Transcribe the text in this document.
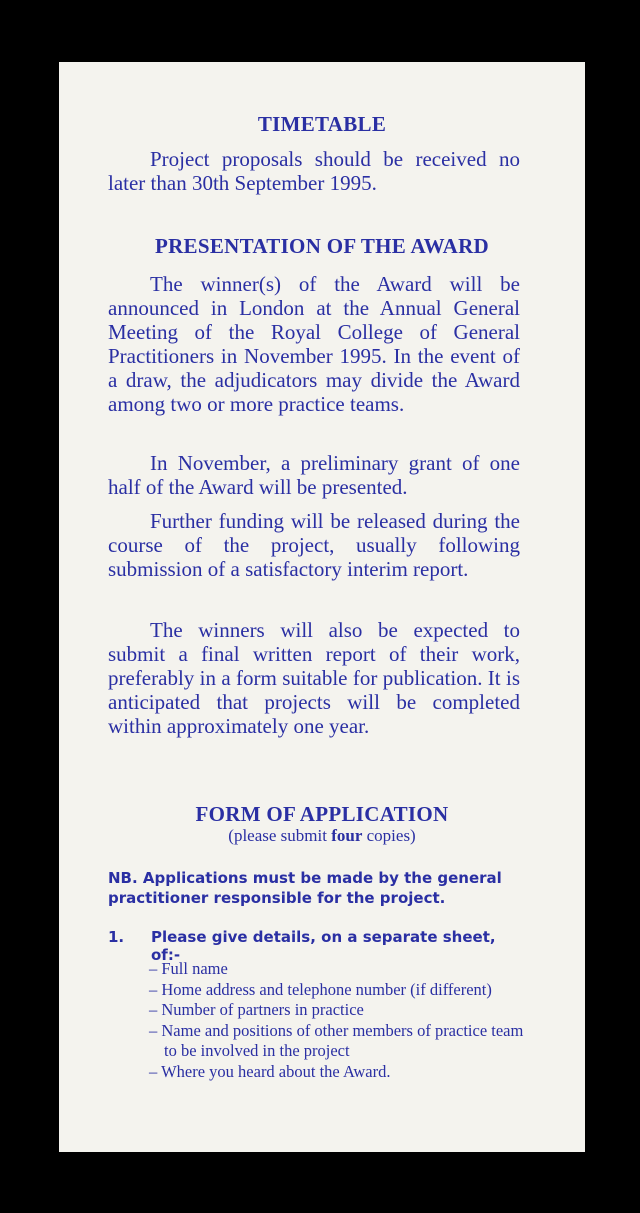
TIMETABLE
Project proposals should be received no later than 30th September 1995.
PRESENTATION OF THE AWARD
The winner(s) of the Award will be announced in London at the Annual General Meeting of the Royal College of General Practitioners in November 1995. In the event of a draw, the adjudicators may divide the Award among two or more practice teams.
In November, a preliminary grant of one half of the Award will be presented.
Further funding will be released during the course of the project, usually following submission of a satisfactory interim report.
The winners will also be expected to submit a final written report of their work, preferably in a form suitable for publication. It is anticipated that projects will be completed within approximately one year.
FORM OF APPLICATION
(please submit four copies)
NB. Applications must be made by the general practitioner responsible for the project.
1. Please give details, on a separate sheet, of:-
– Full name
– Home address and telephone number (if different)
– Number of partners in practice
– Name and positions of other members of practice team to be involved in the project
– Where you heard about the Award.
